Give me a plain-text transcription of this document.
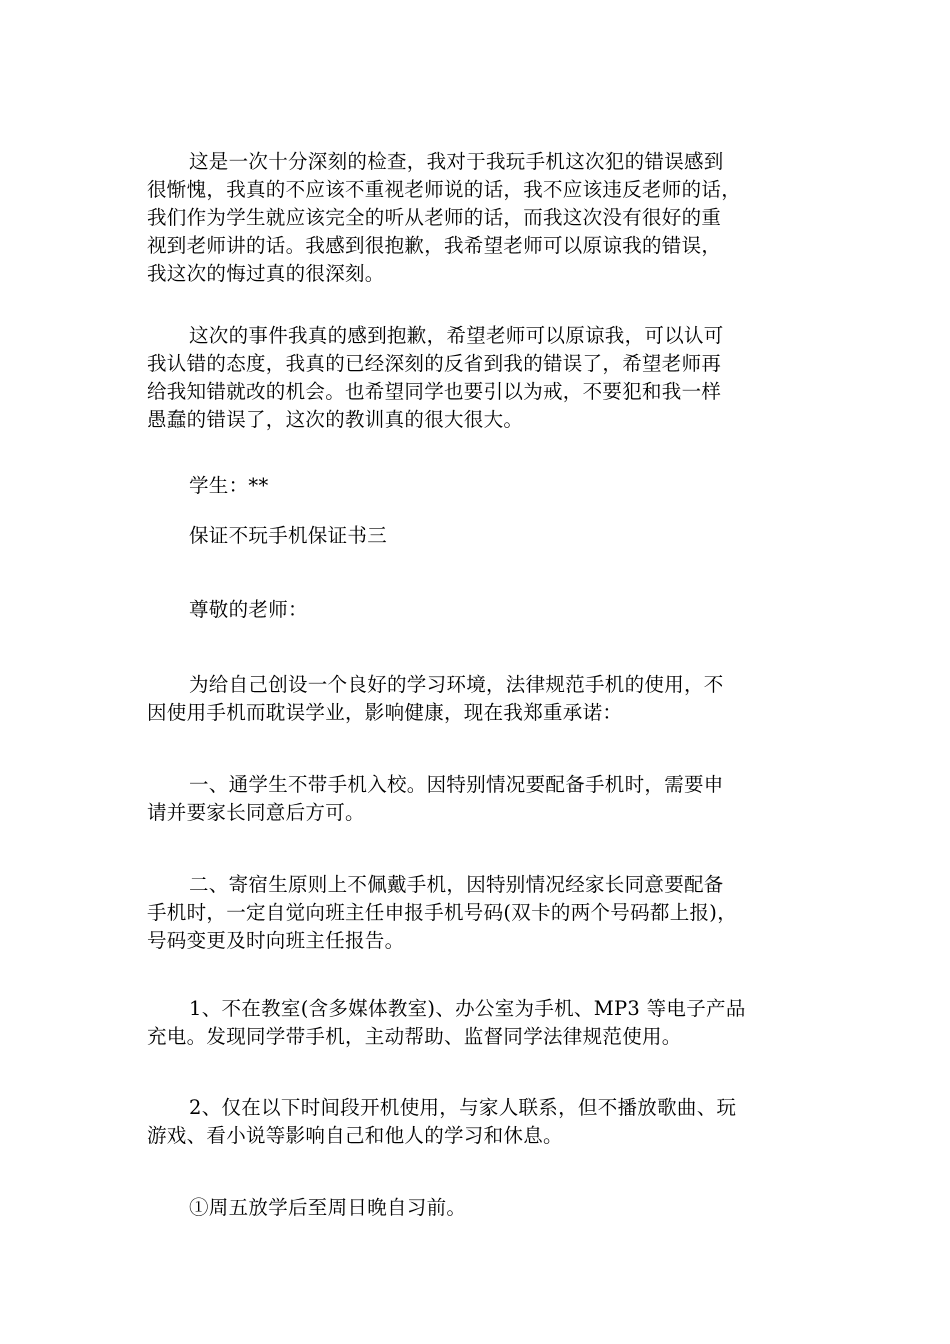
这是一次十分深刻的检查，我对于我玩手机这次犯的错误感到
很惭愧，我真的不应该不重视老师说的话，我不应该违反老师的话，
我们作为学生就应该完全的听从老师的话，而我这次没有很好的重
视到老师讲的话。我感到很抱歉，我希望老师可以原谅我的错误，
我这次的悔过真的很深刻。

这次的事件我真的感到抱歉，希望老师可以原谅我，可以认可
我认错的态度，我真的已经深刻的反省到我的错误了，希望老师再
给我知错就改的机会。也希望同学也要引以为戒，不要犯和我一样
愚蠢的错误了，这次的教训真的很大很大。

学生：**

保证不玩手机保证书三

尊敬的老师：

为给自己创设一个良好的学习环境，法律规范手机的使用，不
因使用手机而耽误学业，影响健康，现在我郑重承诺：

一、通学生不带手机入校。因特别情况要配备手机时，需要申
请并要家长同意后方可。

二、寄宿生原则上不佩戴手机，因特别情况经家长同意要配备
手机时，一定自觉向班主任申报手机号码(双卡的两个号码都上报)，
号码变更及时向班主任报告。

1、不在教室(含多媒体教室)、办公室为手机、MP3 等电子产品
充电。发现同学带手机，主动帮助、监督同学法律规范使用。

2、仅在以下时间段开机使用，与家人联系，但不播放歌曲、玩
游戏、看小说等影响自己和他人的学习和休息。

①周五放学后至周日晚自习前。
